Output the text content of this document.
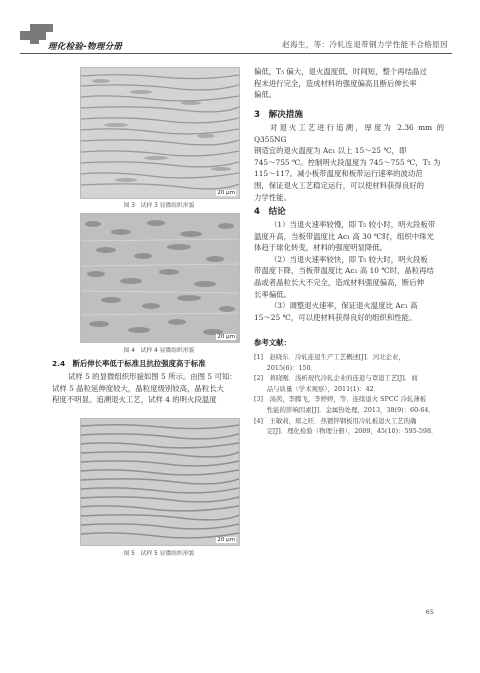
理化检验-物理分册	赵海生，等：冷轧连退带钢力学性能不合格原因
20 μm
图 3　试样 3 显微组织形貌
20 μm
图 4　试样 4 显微组织形貌
2.4　断后伸长率低于标准且抗拉强度高于标准
试样 5 的显微组织形貌如图 5 所示。由图 5 可知：
试样 5 晶粒延伸度较大，晶粒度级别较高，晶粒长大
程度不明显。追溯退火工艺，试样 4 的明火段温度
20 μm
图 5　试样 5 显微组织形貌
偏低，T₅ 偏大，退火温度低，时间短，整个再结晶过
程未进行完全，造成材料的强度偏高且断后伸长率
偏低。
3　解决措施
对退火工艺进行追溯，厚度为 2.36 mm 的 Q355NG
钢适宜的退火温度为 Ac₁ 以上 15～25 ℃，即
745～755 ℃。控制明火段温度为 745～755 ℃，T₅ 为
115～117。减小板带温度和板带运行速率的波动范
围，保证退火工艺稳定运行，可以使材料获得良好的
力学性能。
4　结论
（1）当退火速率较慢，即 T₅ 较小时，明火段板带
温度升高，当板带温度比 Ac₁ 高 30 ℃时，组织中珠光
体趋于球化转变，材料的强度明显降低。
（2）当退火速率较快，即 T₅ 较大时，明火段板
带温度下降，当板带温度比 Ac₁ 高 10 ℃时，晶粒再结
晶或者晶粒长大不完全，造成材料强度偏高，断后伸
长率偏低。
（3）调整退火速率，保证退火温度比 Ac₁ 高
15～25 ℃，可以使材料获得良好的组织和性能。
参考文献：
[1]　赵晓东．冷轧连退生产工艺概述[J]．河北企业，
　　2015(6)：150．
[2]　蒋晓刚．浅析现代冷轧企业的连退与罩退工艺[J]．商
　　品与质量（学术观察），2011(1)：42．
[3]　汤茜，李腾飞，李婷婷，等．连续退火 SPCC 冷轧薄板
　　性能的影响因素[J]．金属热处理，2013，38(9)：60-64．
[4]　王敏莉，郑之旺．热镀锌钢板用冷轧板退火工艺的确
　　定[J]．理化检验（物理分册），2009，45(10)：595-598．
65
